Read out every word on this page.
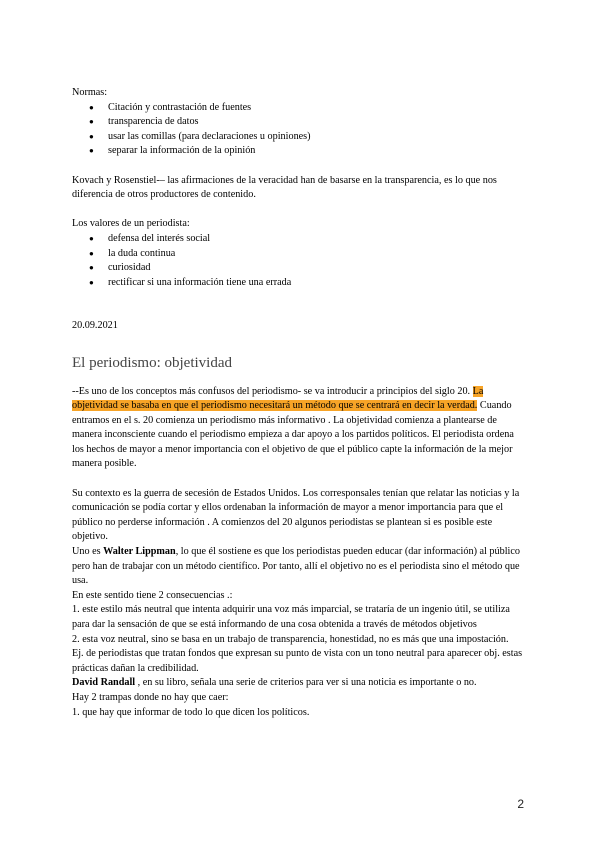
Normas:

● Citación y contrastación de fuentes
● transparencia de datos
● usar las comillas (para declaraciones u opiniones)
● separar la información de la opinión

Kovach y Rosenstiel-– las afirmaciones de la veracidad han de basarse en la transparencia, es lo que nos diferencia de otros productores de contenido.

Los valores de un periodista:

● defensa del interés social
● la duda continua
● curiosidad
● rectificar si una información tiene una errada

20.09.2021

El periodismo: objetividad

--Es uno de los conceptos más confusos del periodismo- se va introducir a principios del siglo 20. La objetividad se basaba en que el periodismo necesitará un método que se centrará en decir la verdad. Cuando entramos en el s. 20 comienza un periodismo más informativo . La objetividad comienza a plantearse de manera inconsciente cuando el periodismo empieza a dar apoyo a los partidos políticos. El periodista ordena los hechos de mayor a menor importancia con el objetivo de que el público capte la información de la mejor manera posible.

Su contexto es la guerra de secesión de Estados Unidos. Los corresponsales tenían que relatar las noticias y la comunicación se podía cortar y ellos ordenaban la información de mayor a menor importancia para que el público no perderse información . A comienzos del 20 algunos periodistas se plantean si es posible este objetivo.

Uno es Walter Lippman, lo que él sostiene es que los periodistas pueden educar (dar información) al público pero han de trabajar con un método científico. Por tanto, allí el objetivo no es el periodista sino el método que usa.

En este sentido tiene 2 consecuencias .:

1. este estilo más neutral que intenta adquirir una voz más imparcial, se trataría de un ingenio útil, se utiliza para dar la sensación de que se está informando de una cosa obtenida a través de métodos objetivos

2. esta voz neutral, sino se basa en un trabajo de transparencia, honestidad, no es más que una impostación.

Ej. de periodistas que tratan fondos que expresan su punto de vista con un tono neutral para aparecer obj. estas prácticas dañan la credibilidad.

David Randall , en su libro, señala una serie de criterios para ver si una noticia es importante o no.

Hay 2 trampas donde no hay que caer:

1. que hay que informar de todo lo que dicen los políticos.

2
